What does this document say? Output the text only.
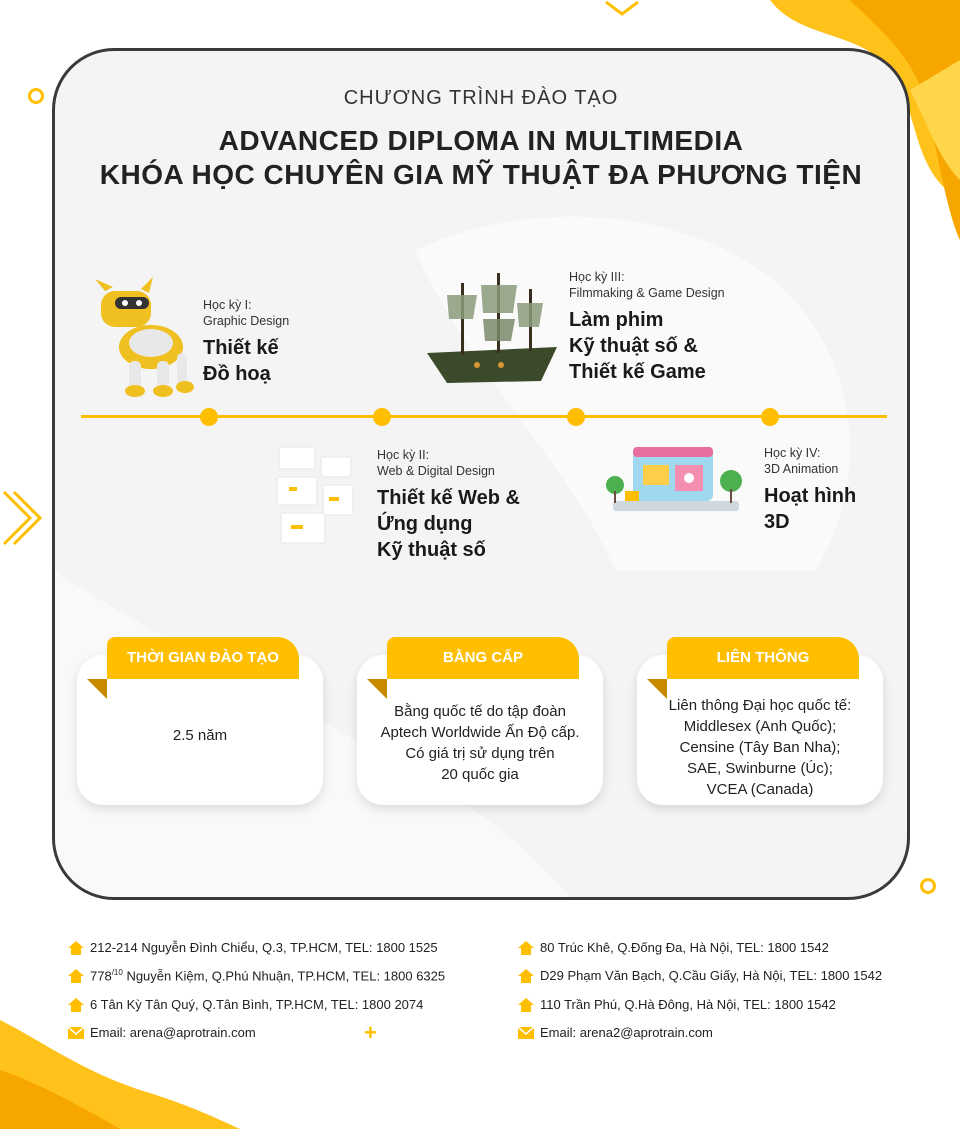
+
CHƯƠNG TRÌNH ĐÀO TẠO
ADVANCED DIPLOMA IN MULTIMEDIA
KHÓA HỌC CHUYÊN GIA MỸ THUẬT ĐA PHƯƠNG TIỆN
Học kỳ I:
Graphic Design
Thiết kế
Đồ hoạ
Học kỳ III:
Filmmaking & Game Design
Làm phim
Kỹ thuật số &
Thiết kế Game
Học kỳ II:
Web & Digital Design
Thiết kế Web &
Ứng dụng
Kỹ thuật số
Học kỳ IV:
3D Animation
Hoạt hình
3D
THỜI GIAN ĐÀO TẠO
2.5 năm
BẰNG CẤP
Bằng quốc tế do tập đoàn
Aptech Worldwide Ấn Độ cấp.
Có giá trị sử dụng trên
20 quốc gia
LIÊN THÔNG
Liên thông Đại học quốc tế:
Middlesex (Anh Quốc);
Censine (Tây Ban Nha);
SAE, Swinburne (Úc);
VCEA (Canada)
212-214 Nguyễn Đình Chiểu, Q.3, TP.HCM, TEL: 1800 1525
$778^{/10}$ Nguyễn Kiệm, Q.Phú Nhuận, TP.HCM, TEL: 1800 6325
6 Tân Kỳ Tân Quý, Q.Tân Bình, TP.HCM, TEL: 1800 2074
Email: arena@aprotrain.com
80 Trúc Khê, Q.Đống Đa, Hà Nội, TEL: 1800 1542
D29 Phạm Văn Bạch, Q.Cầu Giấy, Hà Nội, TEL: 1800 1542
110 Trần Phú, Q.Hà Đông, Hà Nội, TEL: 1800 1542
Email: arena2@aprotrain.com
